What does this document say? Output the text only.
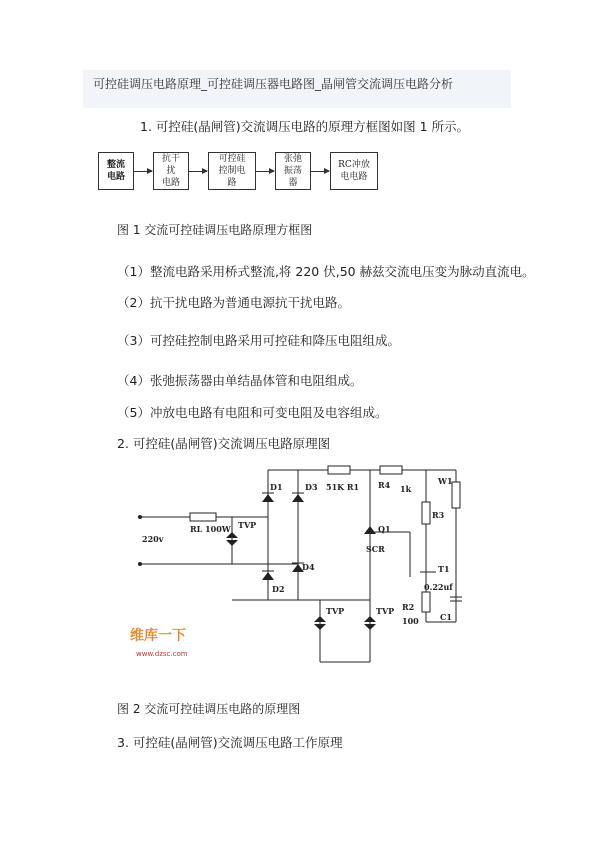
可控硅调压电路原理_可控硅调压器电路图_晶闸管交流调压电路分析
1. 可控硅(晶闸管)交流调压电路的原理方框图如图 1 所示。
整流
电路
抗干
扰
电路
可控硅
控制电
路
张弛
振荡
器
RC冲放
电电路
图 1 交流可控硅调压电路原理方框图
（1）整流电路采用桥式整流,将 220 伏,50 赫兹交流电压变为脉动直流电。
（2）抗干扰电路为普通电源抗干扰电路。
（3）可控硅控制电路采用可控硅和降压电阻组成。
（4）张弛振荡器由单结晶体管和电阻组成。
（5）冲放电电路有电阻和可变电阻及电容组成。
2. 可控硅(晶闸管)交流调压电路原理图
D1	D3 51K R1 R4 1k
W1
R3
Q1
SCR
RL 100W TVP
220v
D4
D2
T1
0.22uf
R2
100	C1
TVP	TVP
维库一下
www.dzsc.com
图 2 交流可控硅调压电路的原理图
3. 可控硅(晶闸管)交流调压电路工作原理
